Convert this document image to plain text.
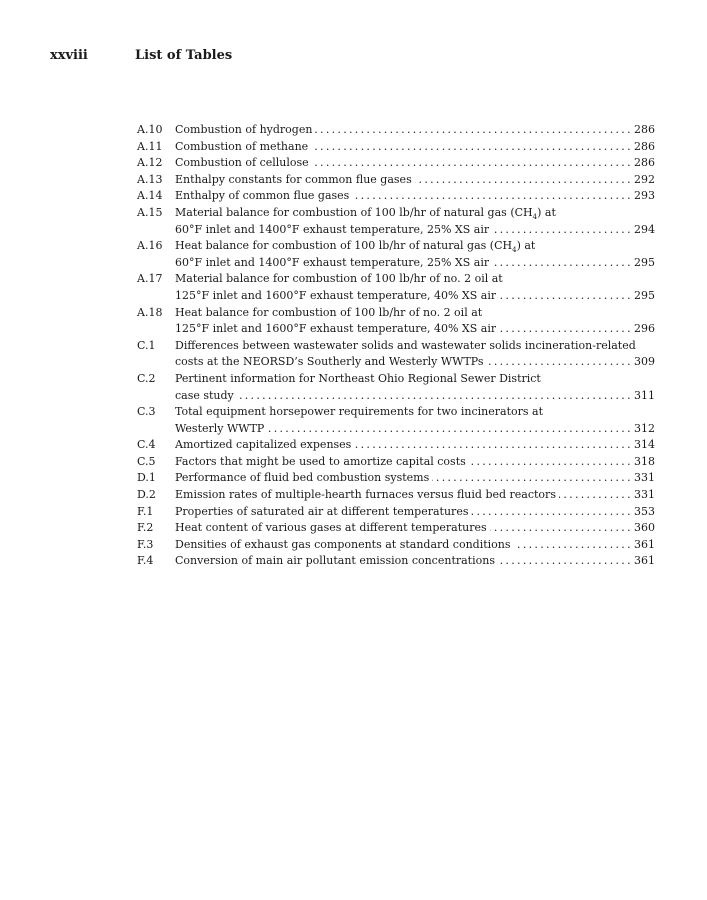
xxviii	List of Tables
A.10	Combustion of hydrogen . . .	286
A.11	Combustion of methane . . .	286
A.12	Combustion of cellulose . . .	286
A.13	Enthalpy constants for common flue gases . . .	292
A.14	Enthalpy of common flue gases . . .	293
A.15	Material balance for combustion of 100 lb/hr of natural gas $(CH_4)$ at
60°F inlet and 1400°F exhaust temperature, 25% XS air . . .	294
A.16	Heat balance for combustion of 100 lb/hr of natural gas $(CH_4)$ at
60°F inlet and 1400°F exhaust temperature, 25% XS air . . .	295
A.17	Material balance for combustion of 100 lb/hr of no. 2 oil at
125°F inlet and 1600°F exhaust temperature, 40% XS air . . .	295
A.18	Heat balance for combustion of 100 lb/hr of no. 2 oil at
125°F inlet and 1600°F exhaust temperature, 40% XS air . . .	296
C.1	Differences between wastewater solids and wastewater solids incineration-related
costs at the NEORSD’s Southerly and Westerly WWTPs . . .	309
C.2	Pertinent information for Northeast Ohio Regional Sewer District
case study . . .	311
C.3	Total equipment horsepower requirements for two incinerators at
Westerly WWTP . . .	312
C.4	Amortized capitalized expenses . . .	314
C.5	Factors that might be used to amortize capital costs . . .	318
D.1	Performance of fluid bed combustion systems . . .	331
D.2	Emission rates of multiple-hearth furnaces versus fluid bed reactors . . .	331
F.1	Properties of saturated air at different temperatures . . .	353
F.2	Heat content of various gases at different temperatures . . .	360
F.3	Densities of exhaust gas components at standard conditions . . .	361
F.4	Conversion of main air pollutant emission concentrations . . .	361
